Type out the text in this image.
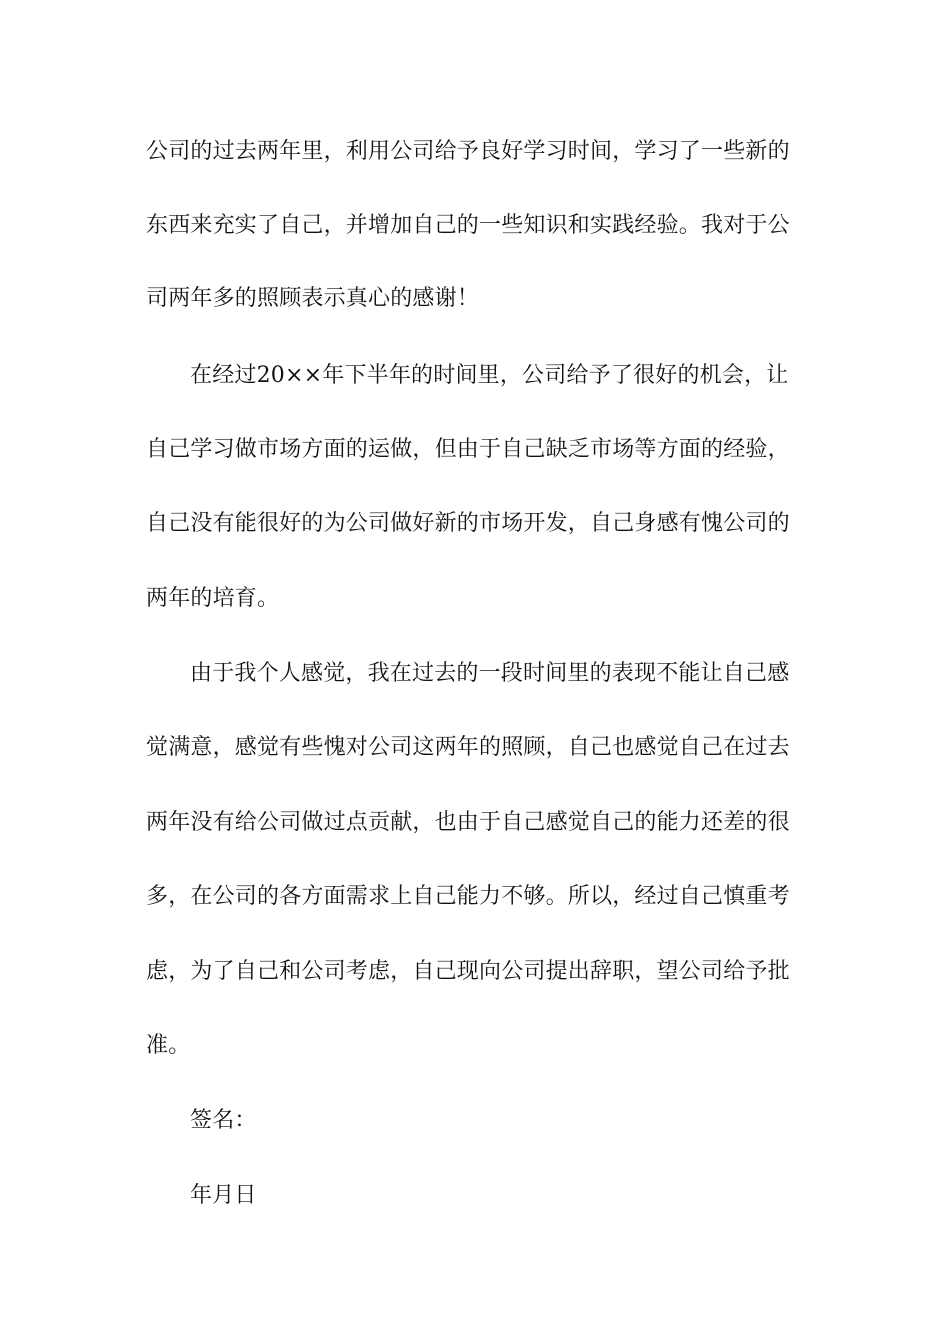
公司的过去两年里，利用公司给予良好学习时间，学习了一些新的
东西来充实了自己，并增加自己的一些知识和实践经验。我对于公
司两年多的照顾表示真心的感谢！
在经过20××年下半年的时间里，公司给予了很好的机会，让
自己学习做市场方面的运做，但由于自己缺乏市场等方面的经验，
自己没有能很好的为公司做好新的市场开发，自己身感有愧公司的
两年的培育。
由于我个人感觉，我在过去的一段时间里的表现不能让自己感
觉满意，感觉有些愧对公司这两年的照顾，自己也感觉自己在过去
两年没有给公司做过点贡献，也由于自己感觉自己的能力还差的很
多，在公司的各方面需求上自己能力不够。所以，经过自己慎重考
虑，为了自己和公司考虑，自己现向公司提出辞职，望公司给予批
准。
签名：
年月日
